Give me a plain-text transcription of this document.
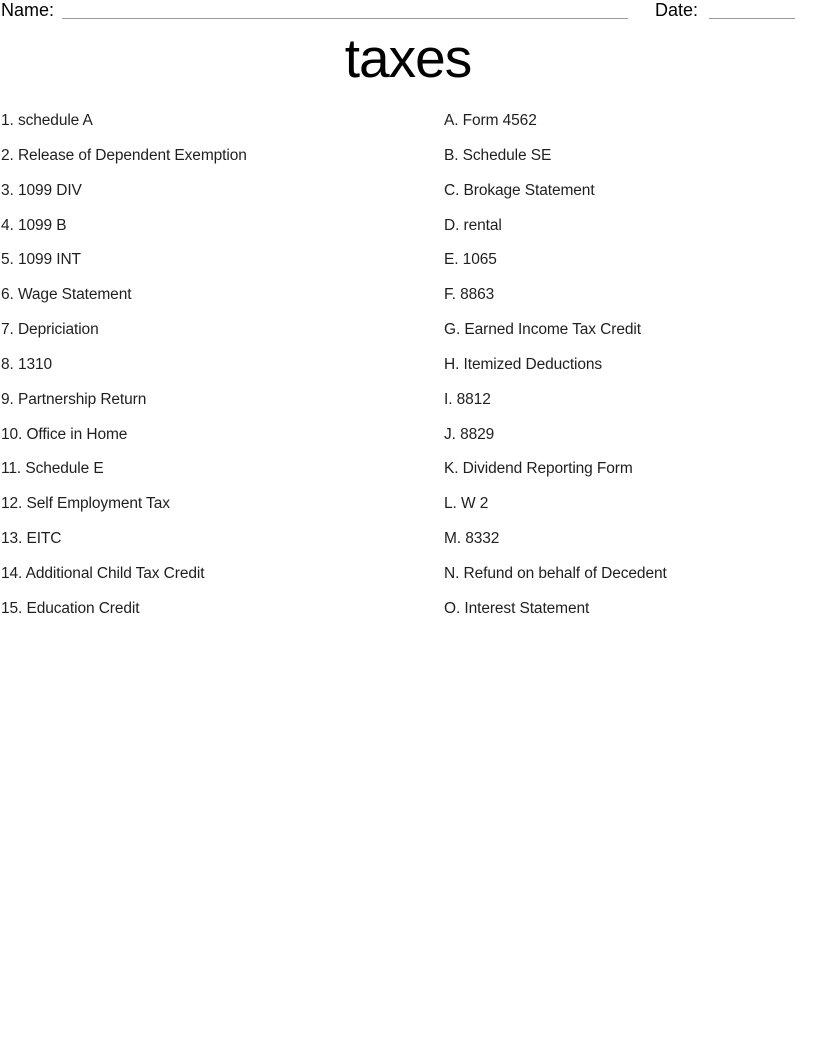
Name:	Date:
taxes
1. schedule A
2. Release of Dependent Exemption
3. 1099 DIV
4. 1099 B
5. 1099 INT
6. Wage Statement
7. Depriciation
8. 1310
9. Partnership Return
10. Office in Home
11. Schedule E
12. Self Employment Tax
13. EITC
14. Additional Child Tax Credit
15. Education Credit
A. Form 4562
B. Schedule SE
C. Brokage Statement
D. rental
E. 1065
F. 8863
G. Earned Income Tax Credit
H. Itemized Deductions
I. 8812
J. 8829
K. Dividend Reporting Form
L. W 2
M. 8332
N. Refund on behalf of Decedent
O. Interest Statement
